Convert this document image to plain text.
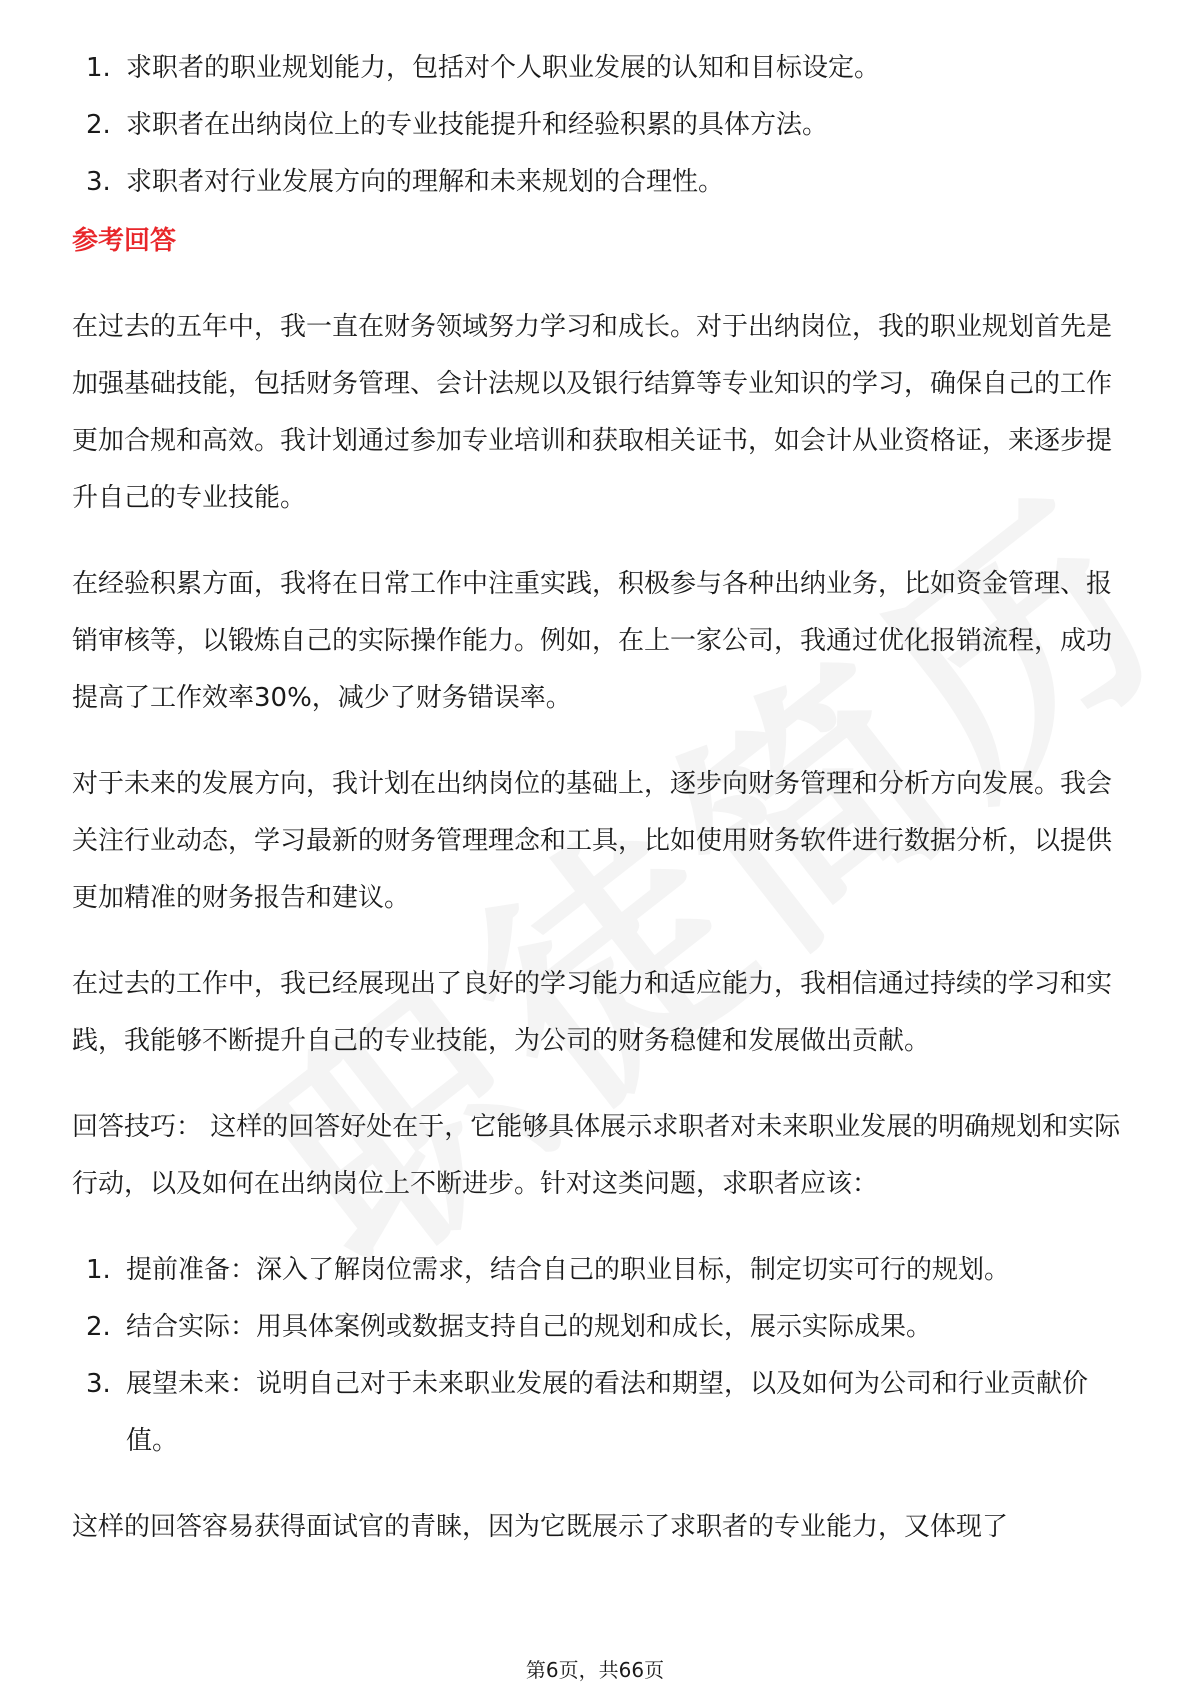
1. 求职者的职业规划能力，包括对个人职业发展的认知和目标设定。
2. 求职者在出纳岗位上的专业技能提升和经验积累的具体方法。
3. 求职者对行业发展方向的理解和未来规划的合理性。
参考回答

在过去的五年中，我一直在财务领域努力学习和成长。对于出纳岗位，我的职业规划首先是加强基础技能，包括财务管理、会计法规以及银行结算等专业知识的学习，确保自己的工作更加合规和高效。我计划通过参加专业培训和获取相关证书，如会计从业资格证，来逐步提升自己的专业技能。

在经验积累方面，我将在日常工作中注重实践，积极参与各种出纳业务，比如资金管理、报销审核等，以锻炼自己的实际操作能力。例如，在上一家公司，我通过优化报销流程，成功提高了工作效率30%，减少了财务错误率。

对于未来的发展方向，我计划在出纳岗位的基础上，逐步向财务管理和分析方向发展。我会关注行业动态，学习最新的财务管理理念和工具，比如使用财务软件进行数据分析，以提供更加精准的财务报告和建议。

在过去的工作中，我已经展现出了良好的学习能力和适应能力，我相信通过持续的学习和实践，我能够不断提升自己的专业技能，为公司的财务稳健和发展做出贡献。

回答技巧： 这样的回答好处在于，它能够具体展示求职者对未来职业发展的明确规划和实际行动，以及如何在出纳岗位上不断进步。针对这类问题，求职者应该：

1. 提前准备：深入了解岗位需求，结合自己的职业目标，制定切实可行的规划。
2. 结合实际：用具体案例或数据支持自己的规划和成长，展示实际成果。
3. 展望未来：说明自己对于未来职业发展的看法和期望，以及如何为公司和行业贡献价值。

这样的回答容易获得面试官的青睐，因为它既展示了求职者的专业能力，又体现了

第6页，共66页
